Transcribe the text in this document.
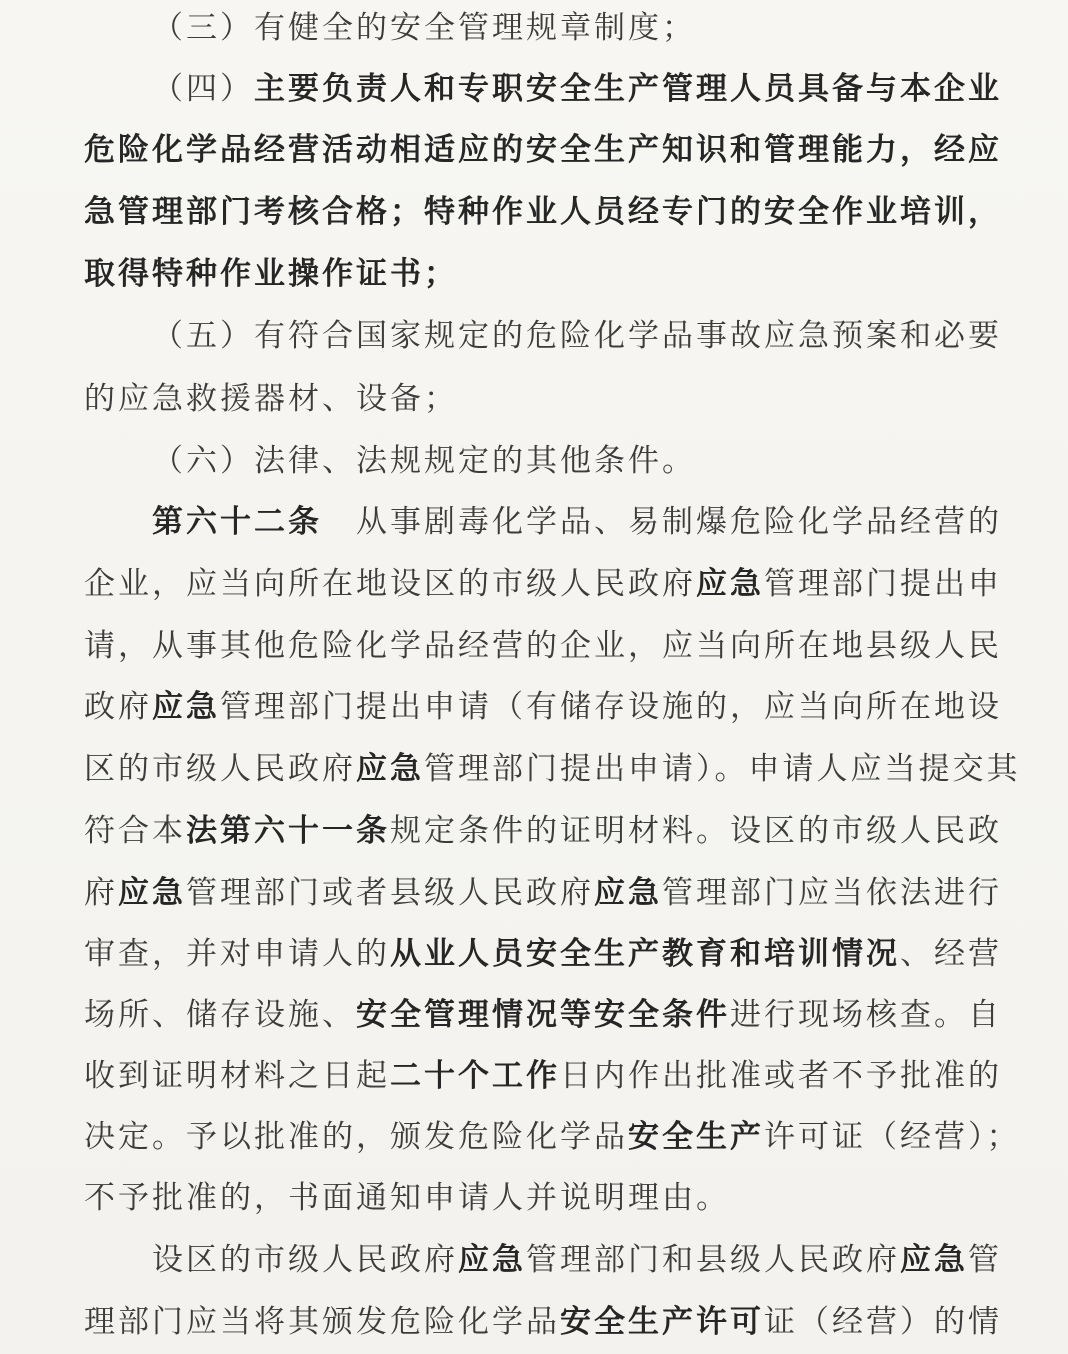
（三）有健全的安全管理规章制度；
（四）主要负责人和专职安全生产管理人员具备与本企业
危险化学品经营活动相适应的安全生产知识和管理能力，经应
急管理部门考核合格；特种作业人员经专门的安全作业培训，
取得特种作业操作证书；
（五）有符合国家规定的危险化学品事故应急预案和必要
的应急救援器材、设备；
（六）法律、法规规定的其他条件。
第六十二条　从事剧毒化学品、易制爆危险化学品经营的
企业，应当向所在地设区的市级人民政府应急管理部门提出申
请，从事其他危险化学品经营的企业，应当向所在地县级人民
政府应急管理部门提出申请（有储存设施的，应当向所在地设
区的市级人民政府应急管理部门提出申请）。申请人应当提交其
符合本法第六十一条规定条件的证明材料。设区的市级人民政
府应急管理部门或者县级人民政府应急管理部门应当依法进行
审查，并对申请人的从业人员安全生产教育和培训情况、经营
场所、储存设施、安全管理情况等安全条件进行现场核查。自
收到证明材料之日起二十个工作日内作出批准或者不予批准的
决定。予以批准的，颁发危险化学品安全生产许可证（经营）；
不予批准的，书面通知申请人并说明理由。
设区的市级人民政府应急管理部门和县级人民政府应急管
理部门应当将其颁发危险化学品安全生产许可证（经营）的情
